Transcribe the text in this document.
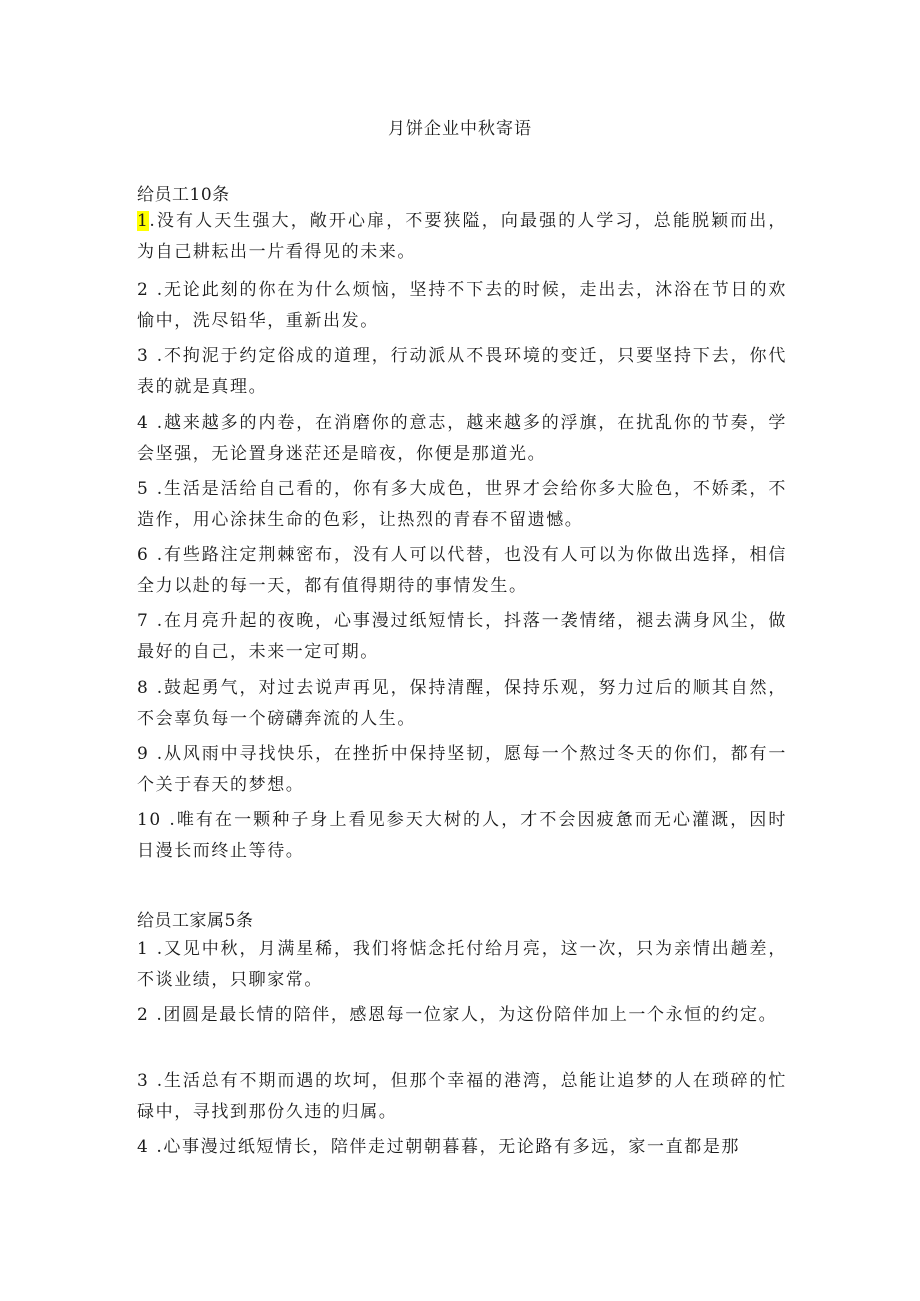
月饼企业中秋寄语
给员工10条
1.没有人天生强大，敞开心扉，不要狭隘，向最强的人学习，总能脱颖而出，为自己耕耘出一片看得见的未来。
2 .无论此刻的你在为什么烦恼，坚持不下去的时候，走出去，沐浴在节日的欢愉中，洗尽铅华，重新出发。
3 .不拘泥于约定俗成的道理，行动派从不畏环境的变迁，只要坚持下去，你代表的就是真理。
4 .越来越多的内卷，在消磨你的意志，越来越多的浮旗，在扰乱你的节奏，学会坚强，无论置身迷茫还是暗夜，你便是那道光。
5 .生活是活给自己看的，你有多大成色，世界才会给你多大脸色，不娇柔，不造作，用心涂抹生命的色彩，让热烈的青春不留遗憾。
6 .有些路注定荆棘密布，没有人可以代替，也没有人可以为你做出选择，相信全力以赴的每一天，都有值得期待的事情发生。
7 .在月亮升起的夜晚，心事漫过纸短情长，抖落一袭情绪，褪去满身风尘，做最好的自己，未来一定可期。
8 .鼓起勇气，对过去说声再见，保持清醒，保持乐观，努力过后的顺其自然，不会辜负每一个磅礴奔流的人生。
9 .从风雨中寻找快乐，在挫折中保持坚韧，愿每一个熬过冬天的你们，都有一个关于春天的梦想。
10 .唯有在一颗种子身上看见参天大树的人，才不会因疲惫而无心灌溉，因时日漫长而终止等待。
给员工家属5条
1 .又见中秋，月满星稀，我们将惦念托付给月亮，这一次，只为亲情出趟差，不谈业绩，只聊家常。
2 .团圆是最长情的陪伴，感恩每一位家人，为这份陪伴加上一个永恒的约定。
3 .生活总有不期而遇的坎坷，但那个幸福的港湾，总能让追梦的人在琐碎的忙碌中，寻找到那份久违的归属。
4 .心事漫过纸短情长，陪伴走过朝朝暮暮，无论路有多远，家一直都是那
